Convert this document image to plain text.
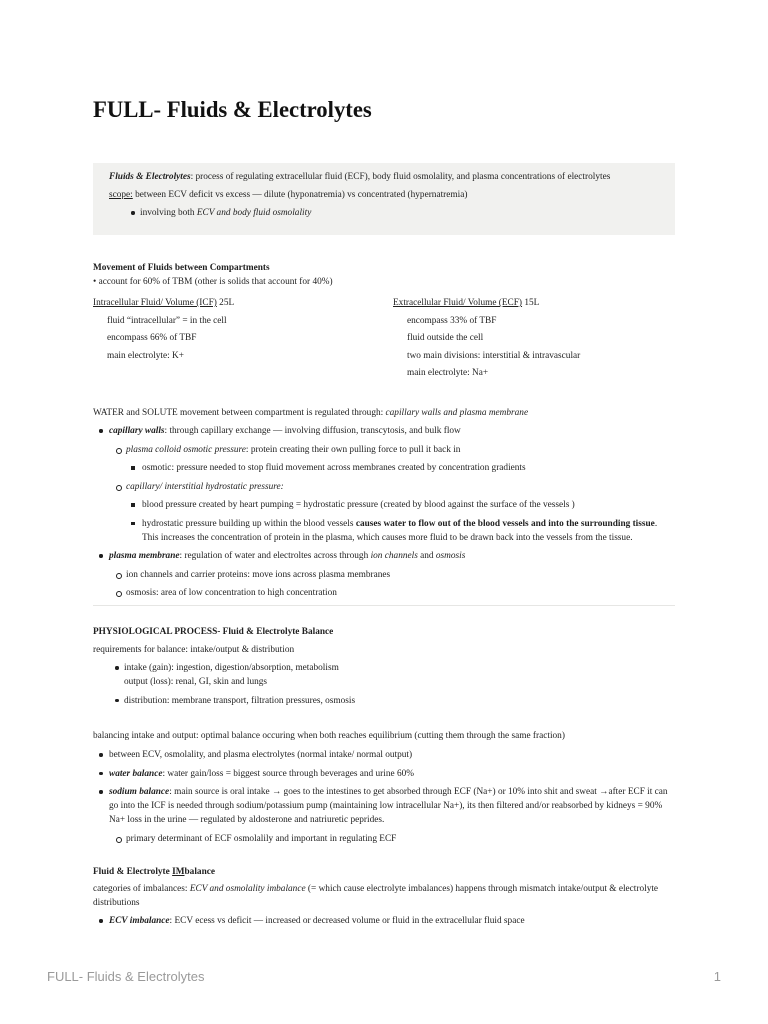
FULL- Fluids & Electrolytes
Fluids & Electrolytes: process of regulating extracellular fluid (ECF), body fluid osmolality, and plasma concentrations of electrolytes
scope: between ECV deficit vs excess — dilute (hyponatremia) vs concentrated (hypernatremia)
involving both ECV and body fluid osmolality
Movement of Fluids between Compartments
• account for 60% of TBM (other is solids that account for 40%)
Intracellular Fluid/ Volume (ICF) 25L
fluid “intracellular” = in the cell
encompass 66% of TBF
main electrolyte: K+
Extracellular Fluid/ Volume (ECF) 15L
encompass 33% of TBF
fluid outside the cell
two main divisions: interstitial & intravascular
main electrolyte: Na+
WATER and SOLUTE movement between compartment is regulated through: capillary walls and plasma membrane
capillary walls: through capillary exchange — involving diffusion, transcytosis, and bulk flow
plasma colloid osmotic pressure: protein creating their own pulling force to pull it back in
osmotic: pressure needed to stop fluid movement across membranes created by concentration gradients
capillary/ interstitial hydrostatic pressure:
blood pressure created by heart pumping = hydrostatic pressure (created by blood against the surface of the vessels )
hydrostatic pressure building up within the blood vessels causes water to flow out of the blood vessels and into the surrounding tissue. This increases the concentration of protein in the plasma, which causes more fluid to be drawn back into the vessels from the tissue.
plasma membrane: regulation of water and electroltes across through ion channels and osmosis
ion channels and carrier proteins: move ions across plasma membranes
osmosis: area of low concentration to high concentration
PHYSIOLOGICAL PROCESS- Fluid & Electrolyte Balance
requirements for balance: intake/output & distribution
intake (gain): ingestion, digestion/absorption, metabolism
output (loss): renal, GI, skin and lungs
distribution: membrane transport, filtration pressures, osmosis
balancing intake and output: optimal balance occuring when both reaches equilibrium (cutting them through the same fraction)
between ECV, osmolality, and plasma electrolytes (normal intake/ normal output)
water balance: water gain/loss = biggest source through beverages and urine 60%
sodium balance: main source is oral intake → goes to the intestines to get absorbed through ECF (Na+) or 10% into shit and sweat →after ECF it can go into the ICF is needed through sodium/potassium pump (maintaining low intracellular Na+), its then filtered and/or reabsorbed by kidneys = 90% Na+ loss in the urine — regulated by aldosterone and natriuretic peprides.
primary determinant of ECF osmolalily and important in regulating ECF
Fluid & Electrolyte IMbalance
categories of imbalances: ECV and osmolality imbalance (= which cause electrolyte imbalances) happens through mismatch intake/output & electrolyte distributions
ECV imbalance: ECV ecess vs deficit — increased or decreased volume or fluid in the extracellular fluid space
FULL- Fluids & Electrolytes	1
